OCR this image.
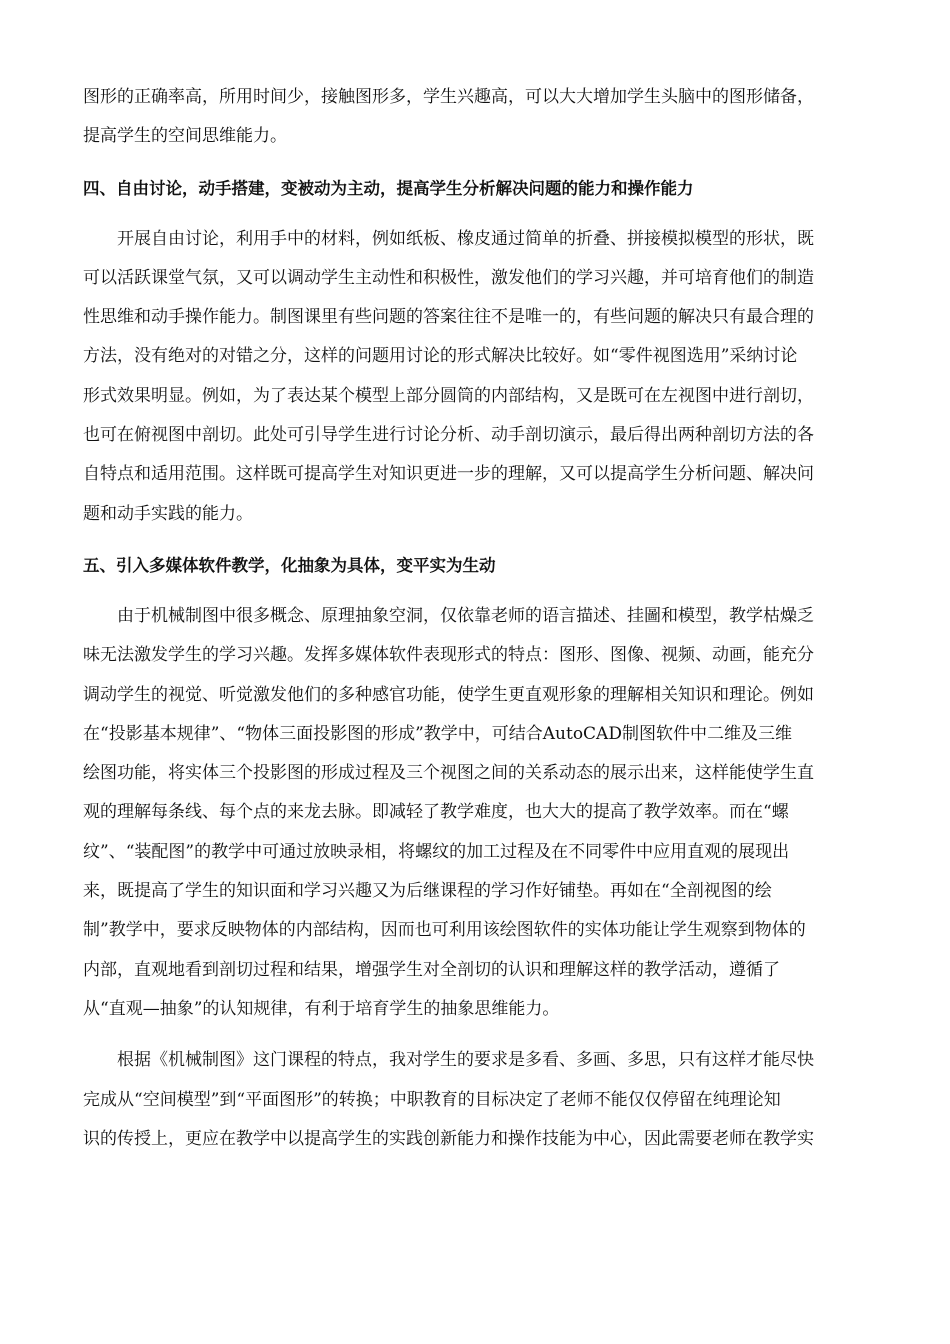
图形的正确率高，所用时间少，接触图形多，学生兴趣高，可以大大增加学生头脑中的图形储备，
提高学生的空间思维能力。
四、自由讨论，动手搭建，变被动为主动，提高学生分析解决问题的能力和操作能力
开展自由讨论，利用手中的材料，例如纸板、橡皮通过简单的折叠、拼接模拟模型的形状，既
可以活跃课堂气氛，又可以调动学生主动性和积极性，激发他们的学习兴趣，并可培育他们的制造
性思维和动手操作能力。制图课里有些问题的答案往往不是唯一的，有些问题的解决只有最合理的
方法，没有绝对的对错之分，这样的问题用讨论的形式解决比较好。如“零件视图选用”采纳讨论
形式效果明显。例如，为了表达某个模型上部分圆筒的内部结构，又是既可在左视图中进行剖切，
也可在俯视图中剖切。此处可引导学生进行讨论分析、动手剖切演示，最后得出两种剖切方法的各
自特点和适用范围。这样既可提高学生对知识更进一步的理解，又可以提高学生分析问题、解决问
题和动手实践的能力。
五、引入多媒体软件教学，化抽象为具体，变平实为生动
由于机械制图中很多概念、原理抽象空洞，仅依靠老师的语言描述、挂圖和模型，教学枯燥乏
味无法激发学生的学习兴趣。发挥多媒体软件表现形式的特点：图形、图像、视频、动画，能充分
调动学生的视觉、听觉激发他们的多种感官功能，使学生更直观形象的理解相关知识和理论。例如
在“投影基本规律”、“物体三面投影图的形成”教学中，可结合AutoCAD制图软件中二维及三维
绘图功能，将实体三个投影图的形成过程及三个视图之间的关系动态的展示出来，这样能使学生直
观的理解每条线、每个点的来龙去脉。即减轻了教学难度，也大大的提高了教学效率。而在“螺
纹”、“装配图”的教学中可通过放映录相，将螺纹的加工过程及在不同零件中应用直观的展现出
来，既提高了学生的知识面和学习兴趣又为后继课程的学习作好铺垫。再如在“全剖视图的绘
制”教学中，要求反映物体的内部结构，因而也可利用该绘图软件的实体功能让学生观察到物体的
内部，直观地看到剖切过程和结果，增强学生对全剖切的认识和理解这样的教学活动，遵循了
从“直观—抽象”的认知规律，有利于培育学生的抽象思维能力。
根据《机械制图》这门课程的特点，我对学生的要求是多看、多画、多思，只有这样才能尽快
完成从“空间模型”到“平面图形”的转换；中职教育的目标决定了老师不能仅仅停留在纯理论知
识的传授上，更应在教学中以提高学生的实践创新能力和操作技能为中心，因此需要老师在教学实
